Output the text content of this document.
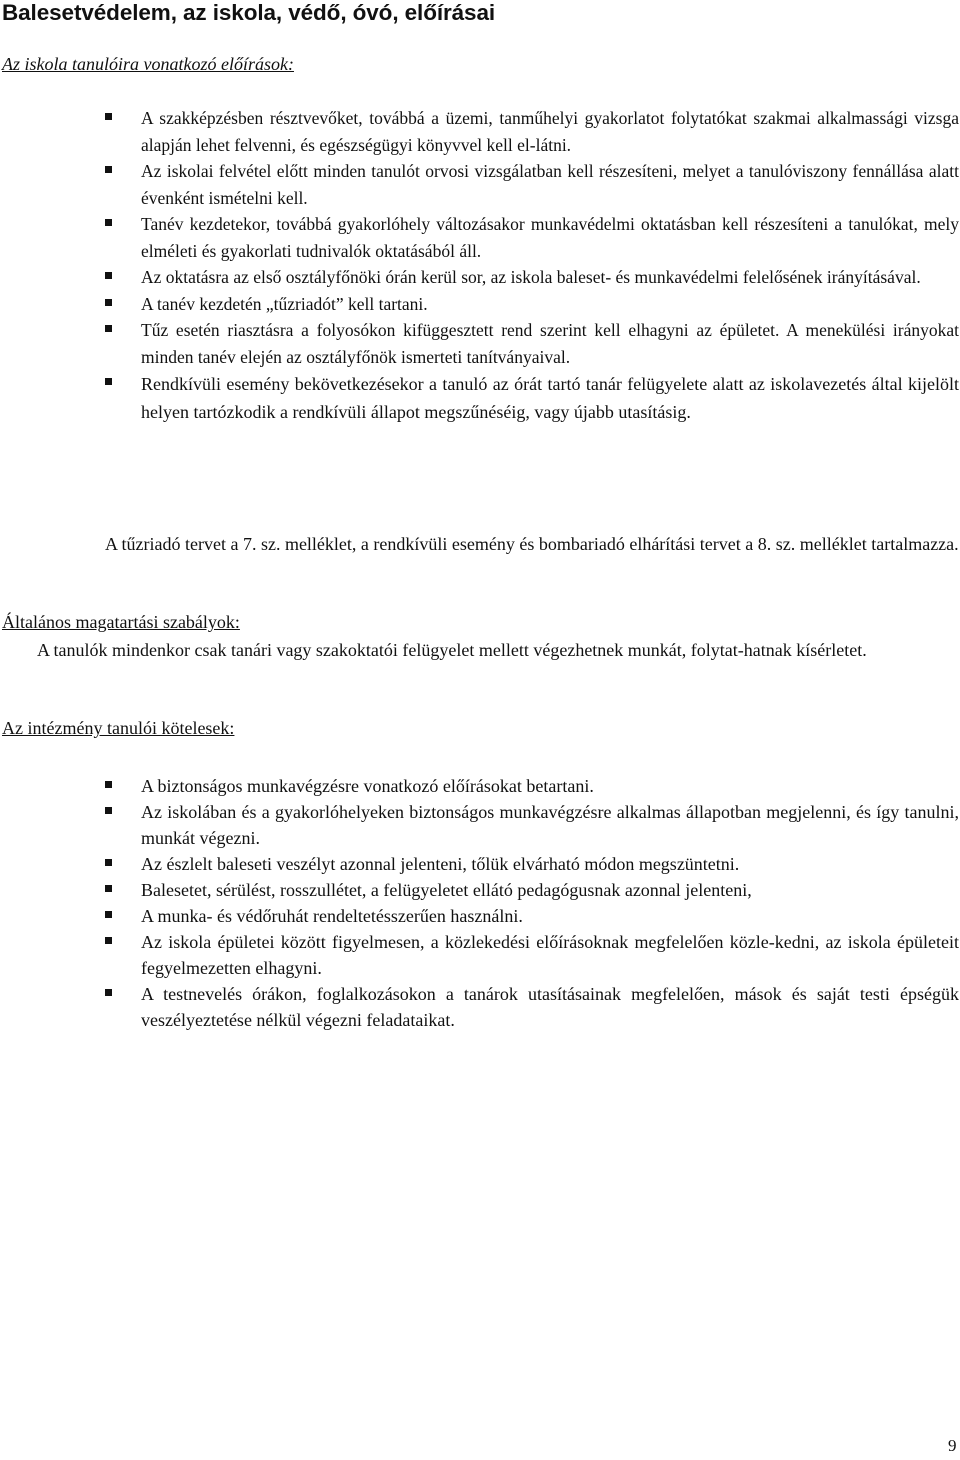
Balesetvédelem, az iskola, védő, óvó, előírásai
Az iskola tanulóira vonatkozó előírások:
A szakképzésben résztvevőket, továbbá a üzemi, tanműhelyi gyakorlatot folytatókat szakmai alkalmassági vizsga alapján lehet felvenni, és egészségügyi könyvvel kell el-látni.
Az iskolai felvétel előtt minden tanulót orvosi vizsgálatban kell részesíteni, melyet a tanulóviszony fennállása alatt évenként ismételni kell.
Tanév kezdetekor, továbbá gyakorlóhely változásakor munkavédelmi oktatásban kell részesíteni a tanulókat, mely elméleti és gyakorlati tudnivalók oktatásából áll.
Az oktatásra az első osztályfőnöki órán kerül sor, az iskola baleset- és munkavédelmi felelősének irányításával.
A tanév kezdetén „tűzriadót” kell tartani.
Tűz esetén riasztásra a folyosókon kifüggesztett rend szerint kell elhagyni az épületet. A menekülési irányokat minden tanév elején az osztályfőnök ismerteti tanítványaival.
Rendkívüli esemény bekövetkezésekor a tanuló az órát tartó tanár felügyelete alatt az iskolavezetés által kijelölt helyen tartózkodik a rendkívüli állapot megszűnéséig, vagy újabb utasításig.

A tűzriadó tervet a 7. sz. melléklet, a rendkívüli esemény és bombariadó elhárítási tervet a 8. sz. melléklet tartalmazza.

Általános magatartási szabályok:

A tanulók mindenkor csak tanári vagy szakoktatói felügyelet mellett végezhetnek munkát, folytat-hatnak kísérletet.

Az intézmény tanulói kötelesek:
A biztonságos munkavégzésre vonatkozó előírásokat betartani.
Az iskolában és a gyakorlóhelyeken biztonságos munkavégzésre alkalmas állapotban megjelenni, és így tanulni, munkát végezni.
Az észlelt baleseti veszélyt azonnal jelenteni, tőlük elvárható módon megszüntetni.
Balesetet, sérülést, rosszullétet, a felügyeletet ellátó pedagógusnak azonnal jelenteni,
A munka- és védőruhát rendeltetésszerűen használni.
Az iskola épületei között figyelmesen, a közlekedési előírásoknak megfelelően közle-kedni, az iskola épületeit fegyelmezetten elhagyni.
A testnevelés órákon, foglalkozásokon a tanárok utasításainak megfelelően, mások és saját testi épségük veszélyeztetése nélkül végezni feladataikat.
9
